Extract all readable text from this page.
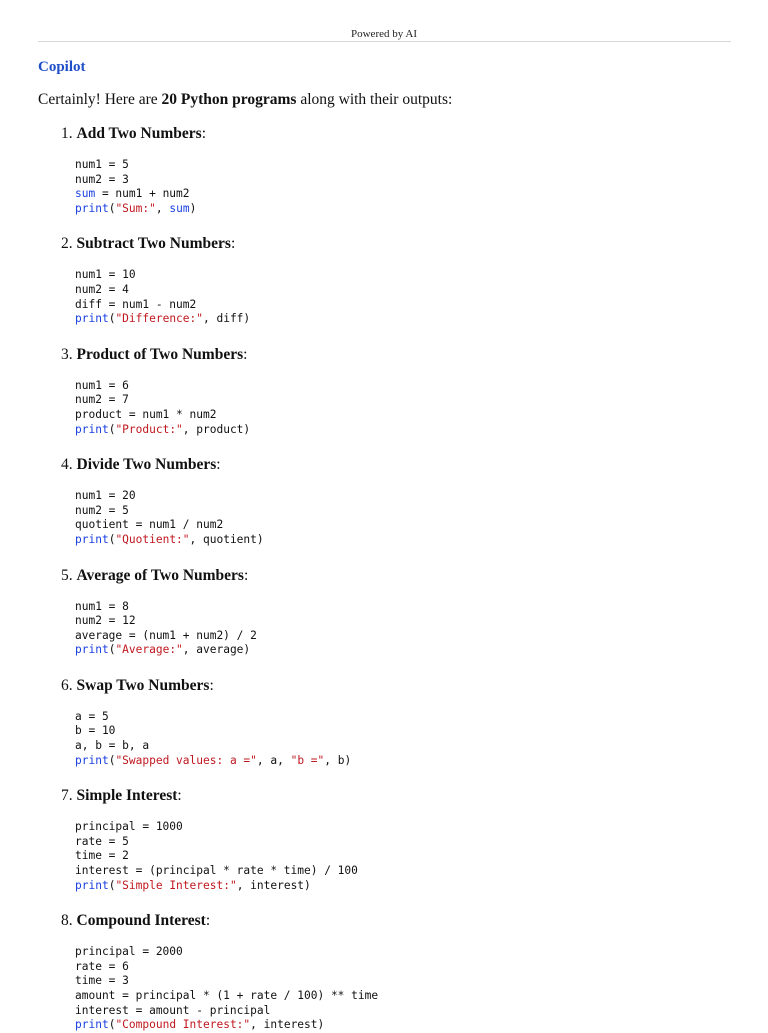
Powered by AI
Copilot
Certainly! Here are 20 Python programs along with their outputs:
1. Add Two Numbers:
num1 = 5
num2 = 3
sum = num1 + num2
print("Sum:", sum)
2. Subtract Two Numbers:
num1 = 10
num2 = 4
diff = num1 - num2
print("Difference:", diff)
3. Product of Two Numbers:
num1 = 6
num2 = 7
product = num1 * num2
print("Product:", product)
4. Divide Two Numbers:
num1 = 20
num2 = 5
quotient = num1 / num2
print("Quotient:", quotient)
5. Average of Two Numbers:
num1 = 8
num2 = 12
average = (num1 + num2) / 2
print("Average:", average)
6. Swap Two Numbers:
a = 5
b = 10
a, b = b, a
print("Swapped values: a =", a, "b =", b)
7. Simple Interest:
principal = 1000
rate = 5
time = 2
interest = (principal * rate * time) / 100
print("Simple Interest:", interest)
8. Compound Interest:
principal = 2000
rate = 6
time = 3
amount = principal * (1 + rate / 100) ** time
interest = amount - principal
print("Compound Interest:", interest)
